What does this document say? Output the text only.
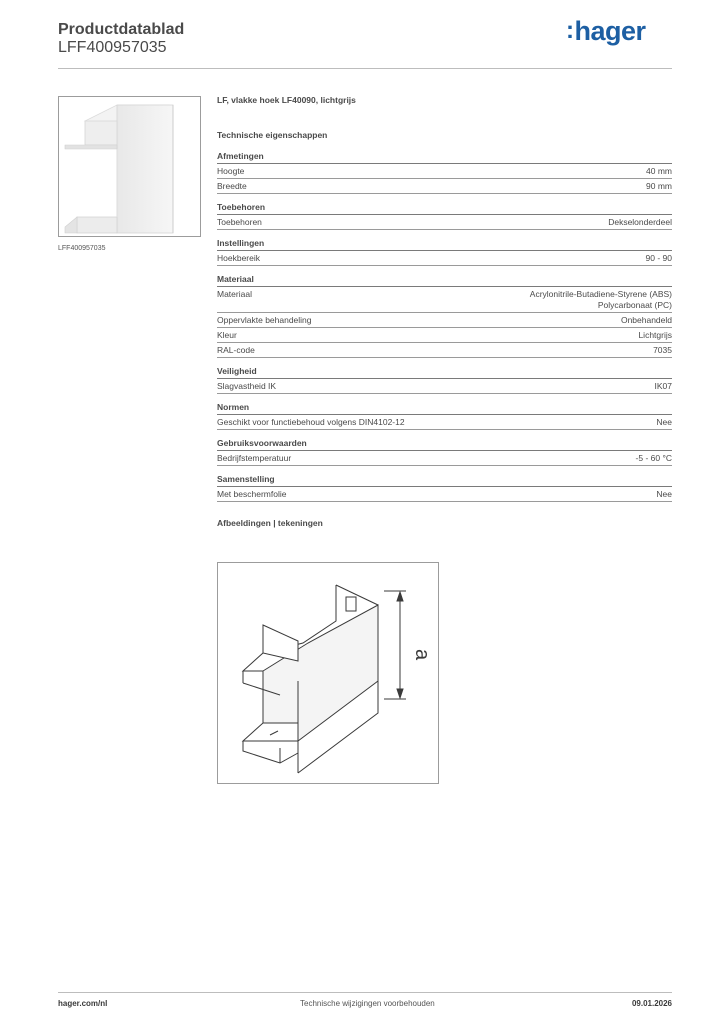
Productdatablad
LFF400957035
:hager
LFF400957035
LF, vlakke hoek LF40090, lichtgrijs
Technische eigenschappen
Afmetingen
Hoogte	40 mm
Breedte	90 mm
Toebehoren
Toebehoren	Dekselonderdeel
Instellingen
Hoekbereik	90 - 90
Materiaal
Materiaal	Acrylonitrile-Butadiene-Styrene (ABS)
Polycarbonaat (PC)
Oppervlakte behandeling	Onbehandeld
Kleur	Lichtgrijs
RAL-code	7035
Veiligheid
Slagvastheid IK	IK07
Normen
Geschikt voor functiebehoud volgens DIN4102-12	Nee
Gebruiksvoorwaarden
Bedrijfstemperatuur	-5 - 60 °C
Samenstelling
Met beschermfolie	Nee
Afbeeldingen | tekeningen
a
hager.com/nl	Technische wijzigingen voorbehouden	09.01.2026
